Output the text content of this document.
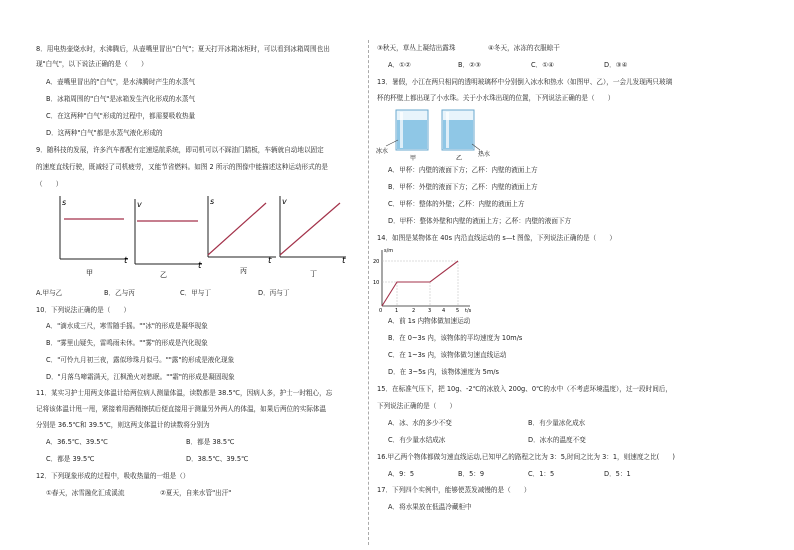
8．用电热壶烧水时，水沸腾后，从壶嘴里冒出"白气"；夏天打开冰箱冰柜时，可以看到冰箱周围也出
现"白气"，以下说法正确的是（　　）
A．壶嘴里冒出的"白气"，是水沸腾时产生的水蒸气
B．冰箱周围的"白气"是冰箱发生汽化形成的水蒸气
C．在这两种"白气"形成的过程中，都需要吸收热量
D．这两种"白气"都是水蒸气液化形成的
9．随科技的发展，许多汽车都配有定速巡航系统，即司机可以不踩油门踏板，车辆就自动地以固定
的速度直线行驶，既减轻了司机疲劳，又能节省燃料。如图 2 所示的图像中能描述这种运动形式的是
（　　）
s
t
甲
v
t
乙
s
t
丙
v
t
丁
A.甲与乙	B．乙与丙	C．甲与丁	D．丙与丁
10．下列说法正确的是（　　）
A．"滴水成三尺，寒雪随手摇。""冰"的形成是凝华现象
B．"雾里山疑失，雷鸣雨未休。""雾"的形成是汽化现象
C．"可怜九月初三夜，露似珍珠月似弓。""露"的形成是液化现象
D．"月落乌啼霜满天，江枫渔火对愁眠。""霜"的形成是凝固现象
11．某实习护士用两支体温计给两位病人测量体温，读数都是 38.5℃，因病人多，护士一时粗心，忘
记将该体温计甩一甩，紧接着用酒精擦拭后便直接用于测量另外两人的体温，如果后两位的实际体温
分别是 36.5℃和 39.5℃，则这两支体温计的读数将分别为
A．36.5℃、39.5℃	B．都是 38.5℃
C．都是 39.5℃	D．38.5℃、39.5℃
12．下列现象形成的过程中，吸收热量的一组是（）
①春天，冰雪融化汇成溪流	②夏天，自来水管"出汗"
③秋天，草丛上凝结出露珠	④冬天，冰冻的衣服晾干
A．①②	B．②③	C．①④	D．③④
13．暑假，小江在两只相同的透明玻璃杯中分别倒入冰水和热水（如图甲、乙），一会儿发现两只玻璃
杯的杯壁上都出现了小水珠。关于小水珠出现的位置，下列说法正确的是（　　）
冰水	热水
甲	乙
A．甲杯：内壁的液面下方；乙杯：内壁的液面上方
B．甲杯：外壁的液面下方；乙杯：内壁的液面上方
C．甲杯：整体的外壁；乙杯：内壁的液面上方
D．甲杯：整体外壁和内壁的液面上方；乙杯：内壁的液面下方
14．如图是某物体在 40s 内沿直线运动的 s—t 图像，下列说法正确的是（　　）
s/m
20
10
0	1	2	3 4 5 t/s
A．前 1s 内物体做加速运动
B．在 0~3s 内，该物体的平均速度为 10m/s
C．在 1~3s 内，该物体做匀速直线运动
D．在 3~5s 内，该物体速度为 5m/s
15．在标准气压下，把 10g、-2℃的冰放入 200g、0℃的水中（不考虑环境温度），过一段时间后，
下列说法正确的是（　　）
A．冰、水的多少不变	B．有少量冰化成水
C．有少量水结成冰	D．冰水的温度不变
16.甲乙两个物体都做匀速直线运动,已知甲乙的路程之比为 3：5,时间之比为 3：1，则速度之比(　　)
A．9：5	B．5：9	C．1：5	D．5：1
17．下列四个实例中，能够使蒸发减慢的是（　　）
A．将水果放在低温冷藏柜中
